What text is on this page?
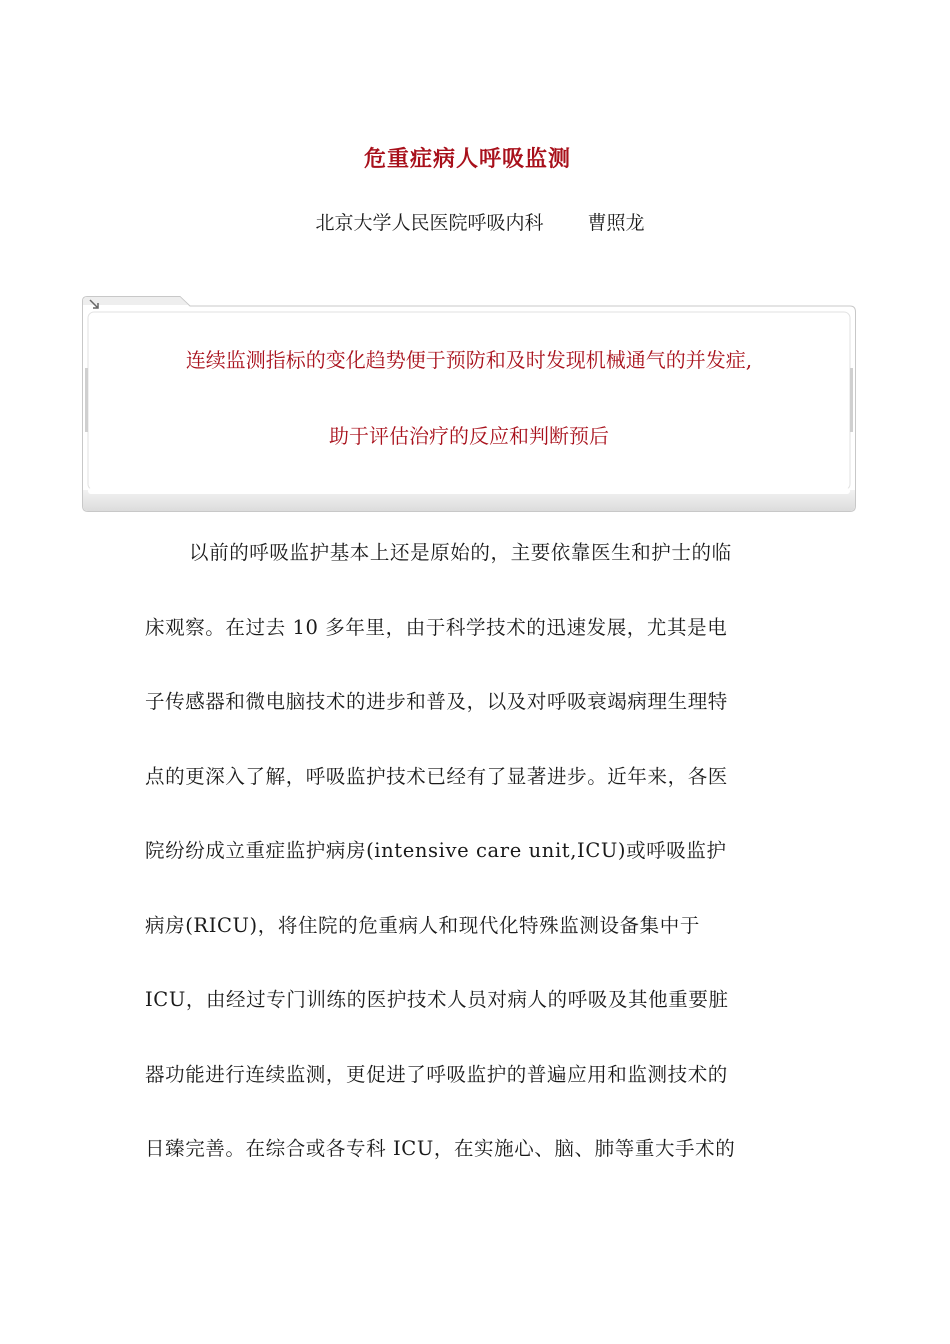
危重症病人呼吸监测
北京大学人民医院呼吸内科 曹照龙
连续监测指标的变化趋势便于预防和及时发现机械通气的并发症,
助于评估治疗的反应和判断预后
以前的呼吸监护基本上还是原始的，主要依靠医生和护士的临
床观察。在过去 10 多年里，由于科学技术的迅速发展，尤其是电
子传感器和微电脑技术的进步和普及，以及对呼吸衰竭病理生理特
点的更深入了解，呼吸监护技术已经有了显著进步。近年来，各医
院纷纷成立重症监护病房(intensive care unit,ICU)或呼吸监护
病房(RICU)，将住院的危重病人和现代化特殊监测设备集中于
ICU，由经过专门训练的医护技术人员对病人的呼吸及其他重要脏
器功能进行连续监测，更促进了呼吸监护的普遍应用和监测技术的
日臻完善。在综合或各专科 ICU，在实施心、脑、肺等重大手术的
